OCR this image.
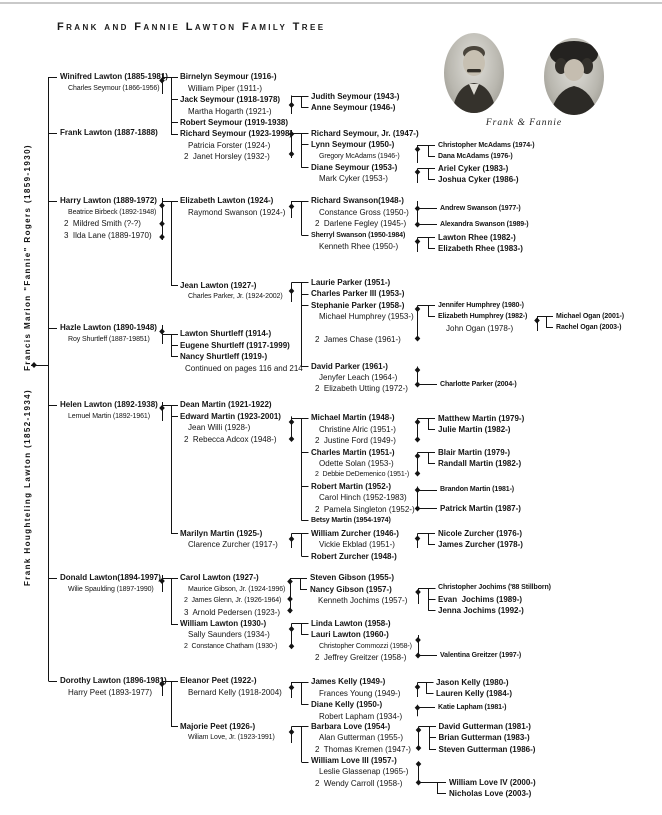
Frank and Fannie Lawton Family Tree
Frank Houghteling Lawton (1852-1934)
Francis Marion "Fannie" Rogers (1859-1930)
Winifred Lawton (1885-1981)
Charles Seymour (1866-1956)
Frank Lawton (1887-1888)
Harry Lawton (1889-1972)
Beatrice Birbeck (1892-1948)
2  Mildred Smith (?-?)
3  Ilda Lane (1889-1970)
Hazle Lawton (1890-1948)
Roy Shurtleff (1887-19851)
Helen Lawton (1892-1938)
Lemuel Martin (1892-1961)
Donald Lawton(1894-1997)
Wilie Spaulding (1897-1990)
Dorothy Lawton (1896-1981)
Harry Peet (1893-1977)
Birnelyn Seymour (1916-)
William Piper (1911-)
Jack Seymour (1918-1978)
Martha Hogarth (1921-)
Robert Seymour (1919-1938)
Richard Seymour (1923-1998)
Patricia Forster (1924-)
2  Janet Horsley (1932-)
Elizabeth Lawton (1924-)
Raymond Swanson (1924-)
Jean Lawton (1927-)
Charles Parker, Jr. (1924-2002)
Lawton Shurtleff (1914-)
Eugene Shurtleff (1917-1999)
Nancy Shurtleff (1919-)
Continued on pages 116 and 214
Dean Martin (1921-1922)
Edward Martin (1923-2001)
Jean Willi (1928-)
2  Rebecca Adcox (1948-)
Marilyn Martin (1925-)
Clarence Zurcher (1917-)
Carol Lawton (1927-)
Maurice Gibson, Jr. (1924-1996)
2  James Glenn, Jr. (1926-1964)
3  Arnold Pedersen (1923-)
William Lawton (1930-)
Sally Saunders (1934-)
2  Constance Chatham (1930-)
Eleanor Peet (1922-)
Bernard Kelly (1918-2004)
Majorie Peet (1926-)
Wiliam Love, Jr. (1923-1991)
Judith Seymour (1943-)
Anne Seymour (1946-)
Richard Seymour, Jr. (1947-)
Lynn Seymour (1950-)
Gregory McAdams (1946-)
Diane Seymour (1953-)
Mark Cyker (1953-)
Richard Swanson(1948-)
Constance Gross (1950-)
2  Darlene Fegley (1945-)
Sherryl Swanson (1950-1984)
Kenneth Rhee (1950-)
Laurie Parker (1951-)
Charles Parker III (1953-)
Stephanie Parker (1958-)
Michael Humphrey (1953-)
2  James Chase (1961-)
David Parker (1961-)
Jenyfer Leach (1964-)
2  Elizabeth Utting (1972-)
Michael Martin (1948-)
Christine Alric (1951-)
2  Justine Ford (1949-)
Charles Martin (1951-)
Odette Solan (1953-)
2  Debbie DeDemenico (1951-)
Robert Martin (1952-)
Carol Hinch (1952-1983)
2  Pamela Singleton (1952-)
Betsy Martin (1954-1974)
William Zurcher (1946-)
Vickie Ekblad (1951-)
Robert Zurcher (1948-)
Steven Gibson (1955-)
Nancy Gibson (1957-)
Kenneth Jochims (1957-)
Linda Lawton (1958-)
Lauri Lawton (1960-)
Christopher Commozzi (1958-)
2  Jeffrey Greitzer (1958-)
James Kelly (1949-)
Frances Young (1949-)
Diane Kelly (1950-)
Robert Lapham (1934-)
Barbara Love (1954-)
Alan Gutterman (1955-)
2  Thomas Kremen (1947-)
William Love III (1957-)
Leslie Glassenap (1965-)
2  Wendy Carroll (1958-)
Christopher McAdams (1974-)
Dana McAdams (1976-)
Ariel Cyker (1983-)
Joshua Cyker (1986-)
Andrew Swanson (1977-)
Alexandra Swanson (1989-)
Lawton Rhee (1982-)
Elizabeth Rhee (1983-)
Jennifer Humphrey (1980-)
Elizabeth Humphrey (1982-)
John Ogan (1978-)
Charlotte Parker (2004-)
Matthew Martin (1979-)
Julie Martin (1982-)
Blair Martin (1979-)
Randall Martin (1982-)
Brandon Martin (1981-)
Patrick Martin (1987-)
Nicole Zurcher (1976-)
James Zurcher (1978-)
Christopher Jochims ('88 Stillborn)
Evan  Jochims (1989-)
Jenna Jochims (1992-)
Valentina Greitzer (1997-)
Jason Kelly (1980-)
Lauren Kelly (1984-)
Katie Lapham (1981-)
David Gutterman (1981-)
Brian Gutterman (1983-)
Steven Gutterman (1986-)
William Love IV (2000-)
Nicholas Love (2003-)
Michael Ogan (2001-)
Rachel Ogan (2003-)
Frank & Fannie
